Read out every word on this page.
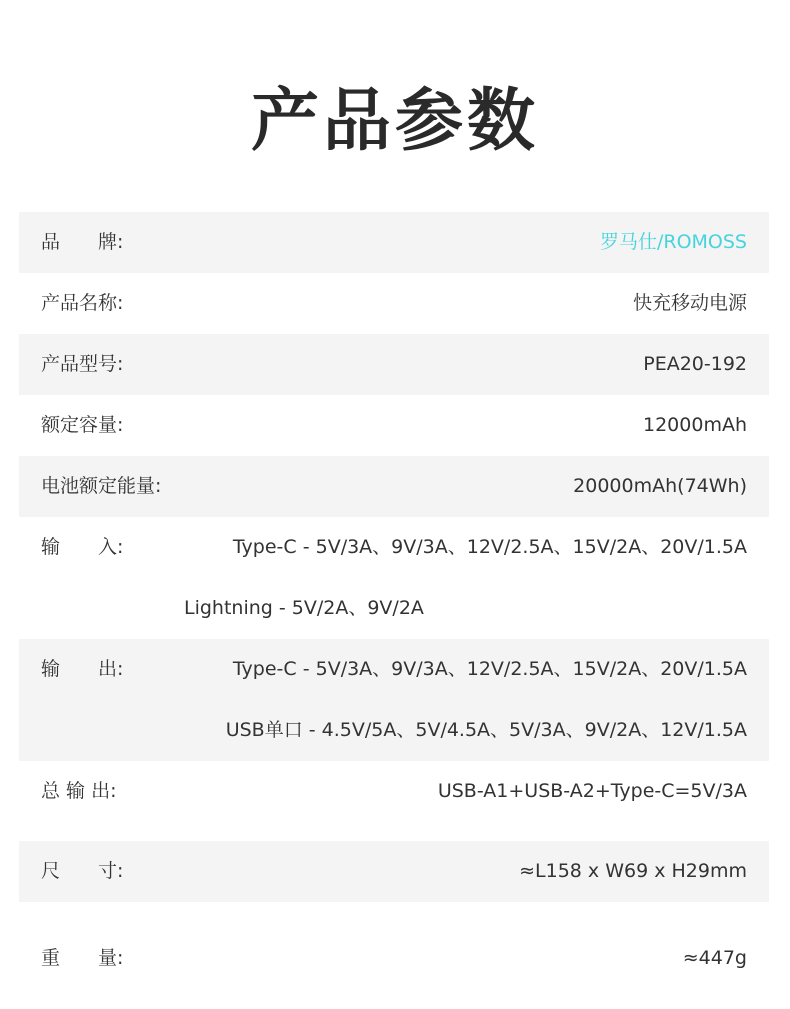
产品参数
品　　牌:	罗马仕/ROMOSS
产品名称:	快充移动电源
产品型号:	PEA20-192
额定容量:	12000mAh
电池额定能量:	20000mAh(74Wh)
输　　入:	Type-C - 5V/3A、9V/3A、12V/2.5A、15V/2A、20V/1.5A
Lightning - 5V/2A、9V/2A
输　　出:	Type-C - 5V/3A、9V/3A、12V/2.5A、15V/2A、20V/1.5A
USB单口 - 4.5V/5A、5V/4.5A、5V/3A、9V/2A、12V/1.5A
总 输 出:	USB-A1+USB-A2+Type-C=5V/3A
尺　　寸:	≈L158 x W69 x H29mm
重　　量:	≈447g
